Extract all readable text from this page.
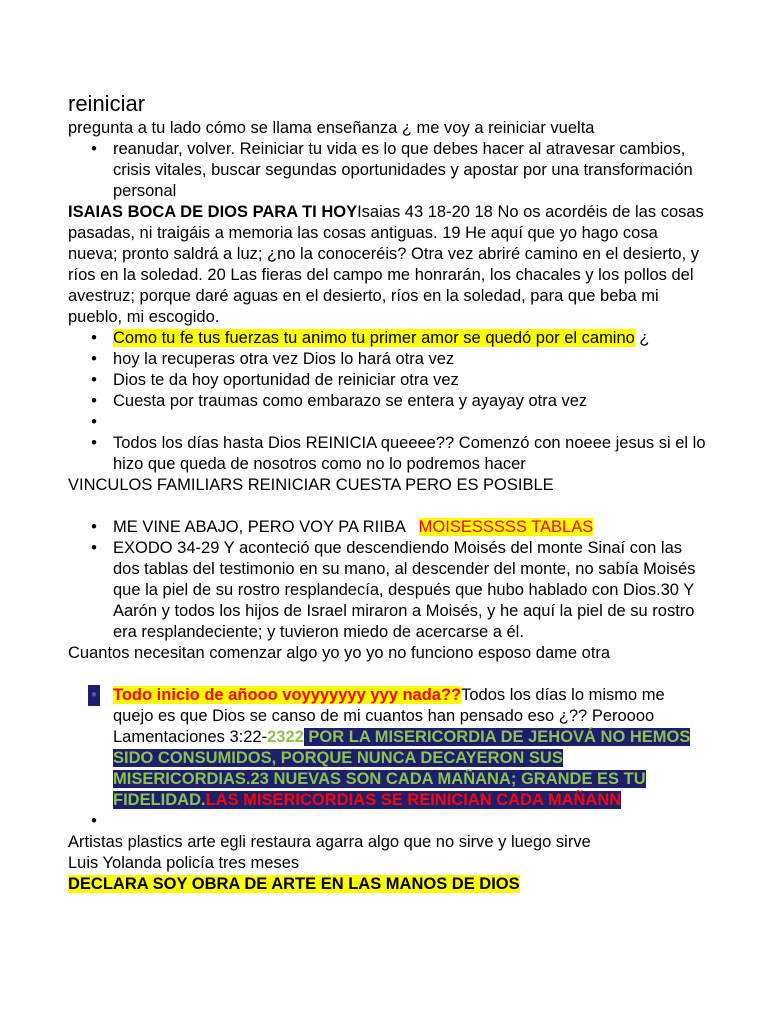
reiniciar

pregunta a tu lado cómo se llama enseñanza ¿ me voy a reiniciar vuelta

• reanudar, volver. Reiniciar tu vida es lo que debes hacer al atravesar cambios, crisis vitales, buscar segundas oportunidades y apostar por una transformación personal

ISAIAS BOCA DE DIOS PARA TI HOYIsaias 43 18-20 18 No os acordéis de las cosas pasadas, ni traigáis a memoria las cosas antiguas. 19 He aquí que yo hago cosa nueva; pronto saldrá a luz; ¿no la conoceréis? Otra vez abriré camino en el desierto, y ríos en la soledad. 20 Las fieras del campo me honrarán, los chacales y los pollos del avestruz; porque daré aguas en el desierto, ríos en la soledad, para que beba mi pueblo, mi escogido.

• Como tu fe tus fuerzas tu animo tu primer amor se quedó por el camino ¿
• hoy la recuperas otra vez Dios lo hará otra vez
• Dios te da hoy oportunidad de reiniciar otra vez
• Cuesta por traumas como embarazo se entera y ayayay otra vez
•
• Todos los días hasta Dios REINICIA queeee?? Comenzó con noeee jesus si el lo hizo que queda de nosotros como no lo podremos hacer

VINCULOS FAMILIARS REINICIAR CUESTA PERO ES POSIBLE

• ME VINE ABAJO, PERO VOY PA RIIBA   MOISESSSSS TABLAS
• EXODO 34-29 Y aconteció que descendiendo Moisés del monte Sinaí con las dos tablas del testimonio en su mano, al descender del monte, no sabía Moisés que la piel de su rostro resplandecía, después que hubo hablado con Dios.30 Y Aarón y todos los hijos de Israel miraron a Moisés, y he aquí la piel de su rostro era resplandeciente; y tuvieron miedo de acercarse a él.

Cuantos necesitan comenzar algo yo yo yo no funciono esposo dame otra

• Todo inicio de añooo voyyyyyyy yyy nada??Todos los días lo mismo me quejo es que Dios se canso de mi cuantos han pensado eso ¿?? Peroooo Lamentaciones 3:22-2322 POR LA MISERICORDIA DE JEHOVÁ NO HEMOS SIDO CONSUMIDOS, PORQUE NUNCA DECAYERON SUS MISERICORDIAS.23 NUEVAS SON CADA MAÑANA; GRANDE ES TU FIDELIDAD.LAS MISERICORDIAS SE REINICIAN CADA MAÑANN
•

Artistas plastics arte egli restaura agarra algo que no sirve y luego sirve

Luis Yolanda policía tres meses

DECLARA SOY OBRA DE ARTE EN LAS MANOS DE DIOS
